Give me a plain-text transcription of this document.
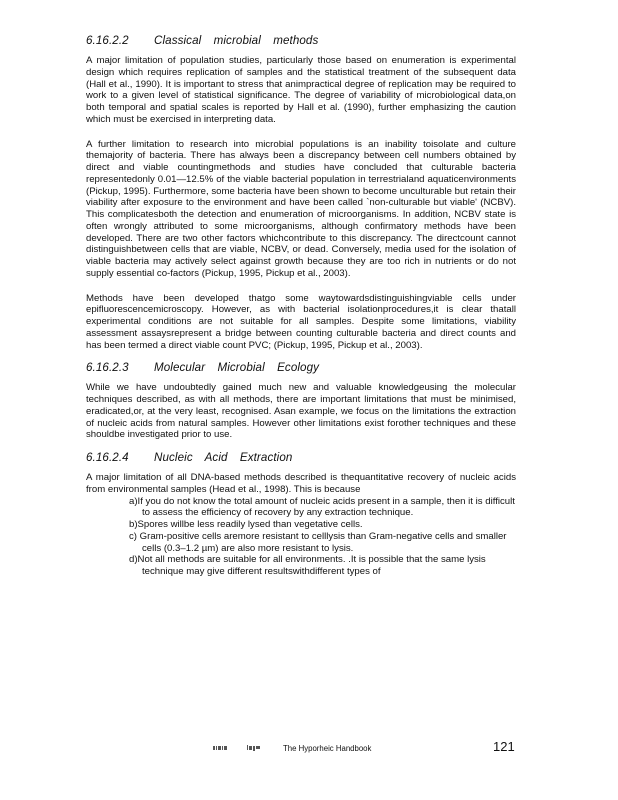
6.16.2.2 Classical microbial methods

A major limitation of population studies, particularly those based on enumeration is experimental design which requires replication of samples and the statistical treatment of the subsequent data (Hall et al., 1990). It is important to stress that animpractical degree of replication may be required to work to a given level of statistical significance. The degree of variability of microbiological data,on both temporal and spatial scales is reported by Hall et al. (1990), further emphasizing the caution which must be exercised in interpreting data.

A further limitation to research into microbial populations is an inability toisolate and culture themajority of bacteria. There has always been a discrepancy between cell numbers obtained by direct and viable countingmethods and studies have concluded that culturable bacteria representedonly 0.01—12.5% of the viable bacterial population in terrestrialand aquaticenvironments (Pickup, 1995). Furthermore, some bacteria have been shown to become unculturable but retain their viability after exposure to the environment and have been called `non-culturable but viable' (NCBV). This complicatesboth the detection and enumeration of microorganisms. In addition, NCBV state is often wrongly attributed to some microorganisms, although confirmatory methods have been developed. There are two other factors whichcontribute to this discrepancy. The directcount cannot distinguishbetween cells that are viable, NCBV, or dead. Conversely, media used for the isolation of viable bacteria may actively select against growth because they are too rich in nutrients or do not supply essential co-factors (Pickup, 1995, Pickup et al., 2003).

Methods have been developed thatgo some waytowardsdistinguishingviable cells under epifluorescencemicroscopy. However, as with bacterial isolationprocedures,it is clear thatall experimental conditions are not suitable for all samples. Despite some limitations, viability assessment assaysrepresent a bridge between counting culturable bacteria and direct counts and has been termed a direct viable count PVC; (Pickup, 1995, Pickup et al., 2003).

6.16.2.3 Molecular Microbial Ecology

While we have undoubtedly gained much new and valuable knowledgeusing the molecular techniques described, as with all methods, there are important limitations that must be minimised, eradicated,or, at the very least, recognised. Asan example, we focus on the limitations the extraction of nucleic acids from natural samples. However other limitations exist forother techniques and these shouldbe investigated prior to use.

6.16.2.4 Nucleic Acid Extraction

A major limitation of all DNA-based methods described is thequantitative recovery of nucleic acids from environmental samples (Head et al., 1998). This is because

a)If you do not know the total amount of nucleic acids present in a sample, then it is difficult to assess the efficiency of recovery by any extraction technique.
b)Spores willbe less readily lysed than vegetative cells.
c) Gram-positive cells aremore resistant to celllysis than Gram-negative cells and smaller cells (0.3–1.2 µm) are also more resistant to lysis.
d)Not all methods are suitable for all environments. .It is possible that the same lysis technique may give different resultswithdifferent types of
The Hyporheic Handbook	121
